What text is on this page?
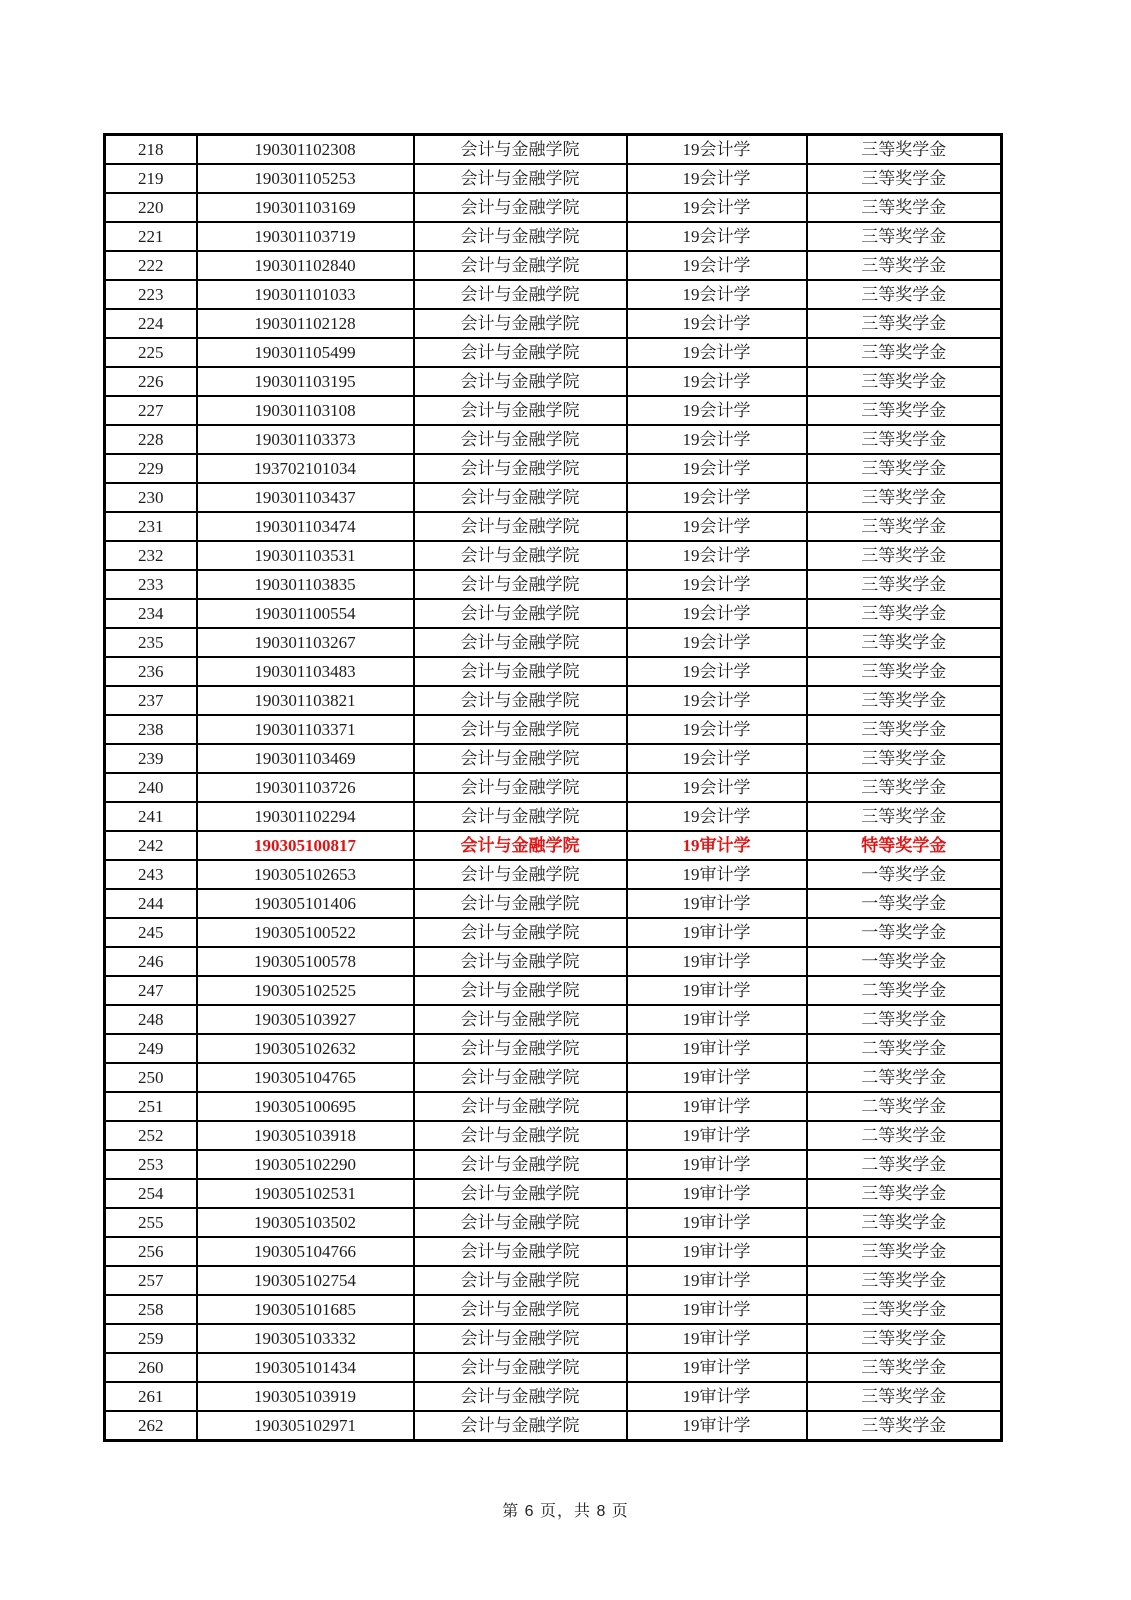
218	190301102308	会计与金融学院	19会计学	三等奖学金
219	190301105253	会计与金融学院	19会计学	三等奖学金
220	190301103169	会计与金融学院	19会计学	三等奖学金
221	190301103719	会计与金融学院	19会计学	三等奖学金
222	190301102840	会计与金融学院	19会计学	三等奖学金
223	190301101033	会计与金融学院	19会计学	三等奖学金
224	190301102128	会计与金融学院	19会计学	三等奖学金
225	190301105499	会计与金融学院	19会计学	三等奖学金
226	190301103195	会计与金融学院	19会计学	三等奖学金
227	190301103108	会计与金融学院	19会计学	三等奖学金
228	190301103373	会计与金融学院	19会计学	三等奖学金
229	193702101034	会计与金融学院	19会计学	三等奖学金
230	190301103437	会计与金融学院	19会计学	三等奖学金
231	190301103474	会计与金融学院	19会计学	三等奖学金
232	190301103531	会计与金融学院	19会计学	三等奖学金
233	190301103835	会计与金融学院	19会计学	三等奖学金
234	190301100554	会计与金融学院	19会计学	三等奖学金
235	190301103267	会计与金融学院	19会计学	三等奖学金
236	190301103483	会计与金融学院	19会计学	三等奖学金
237	190301103821	会计与金融学院	19会计学	三等奖学金
238	190301103371	会计与金融学院	19会计学	三等奖学金
239	190301103469	会计与金融学院	19会计学	三等奖学金
240	190301103726	会计与金融学院	19会计学	三等奖学金
241	190301102294	会计与金融学院	19会计学	三等奖学金
242	190305100817	会计与金融学院	19审计学	特等奖学金
243	190305102653	会计与金融学院	19审计学	一等奖学金
244	190305101406	会计与金融学院	19审计学	一等奖学金
245	190305100522	会计与金融学院	19审计学	一等奖学金
246	190305100578	会计与金融学院	19审计学	一等奖学金
247	190305102525	会计与金融学院	19审计学	二等奖学金
248	190305103927	会计与金融学院	19审计学	二等奖学金
249	190305102632	会计与金融学院	19审计学	二等奖学金
250	190305104765	会计与金融学院	19审计学	二等奖学金
251	190305100695	会计与金融学院	19审计学	二等奖学金
252	190305103918	会计与金融学院	19审计学	二等奖学金
253	190305102290	会计与金融学院	19审计学	二等奖学金
254	190305102531	会计与金融学院	19审计学	三等奖学金
255	190305103502	会计与金融学院	19审计学	三等奖学金
256	190305104766	会计与金融学院	19审计学	三等奖学金
257	190305102754	会计与金融学院	19审计学	三等奖学金
258	190305101685	会计与金融学院	19审计学	三等奖学金
259	190305103332	会计与金融学院	19审计学	三等奖学金
260	190305101434	会计与金融学院	19审计学	三等奖学金
261	190305103919	会计与金融学院	19审计学	三等奖学金
262	190305102971	会计与金融学院	19审计学	三等奖学金
第 6 页，共 8 页
